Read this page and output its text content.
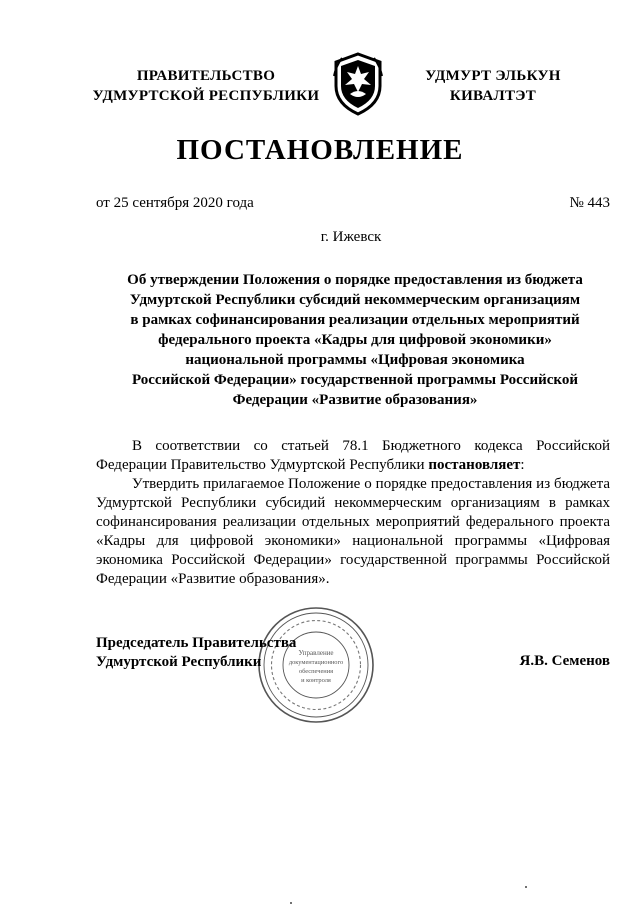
ПРАВИТЕЛЬСТВО
УДМУРТСКОЙ РЕСПУБЛИКИ
УДМУРТ ЭЛЬКУН
КИВАЛТЭТ
ПОСТАНОВЛЕНИЕ
от 25 сентября 2020 года	№ 443
г. Ижевск
Об утверждении Положения о порядке предоставления из бюджета
Удмуртской Республики субсидий некоммерческим организациям
в рамках софинансирования реализации отдельных мероприятий
федерального проекта «Кадры для цифровой экономики»
национальной программы «Цифровая экономика
Российской Федерации» государственной программы Российской
Федерации «Развитие образования»

В соответствии со статьей 78.1 Бюджетного кодекса Российской Федерации Правительство Удмуртской Республики постановляет:

Утвердить прилагаемое Положение о порядке предоставления из бюджета Удмуртской Республики субсидий некоммерческим организациям в рамках софинансирования реализации отдельных мероприятий федерального проекта «Кадры для цифровой экономики» национальной программы «Цифровая экономика Российской Федерации» государственной программы Российской Федерации «Развитие образования».

Управление
документационного
обеспечения
и контроля
Председатель Правительства
Удмуртской Республики	Я.В. Семенов
